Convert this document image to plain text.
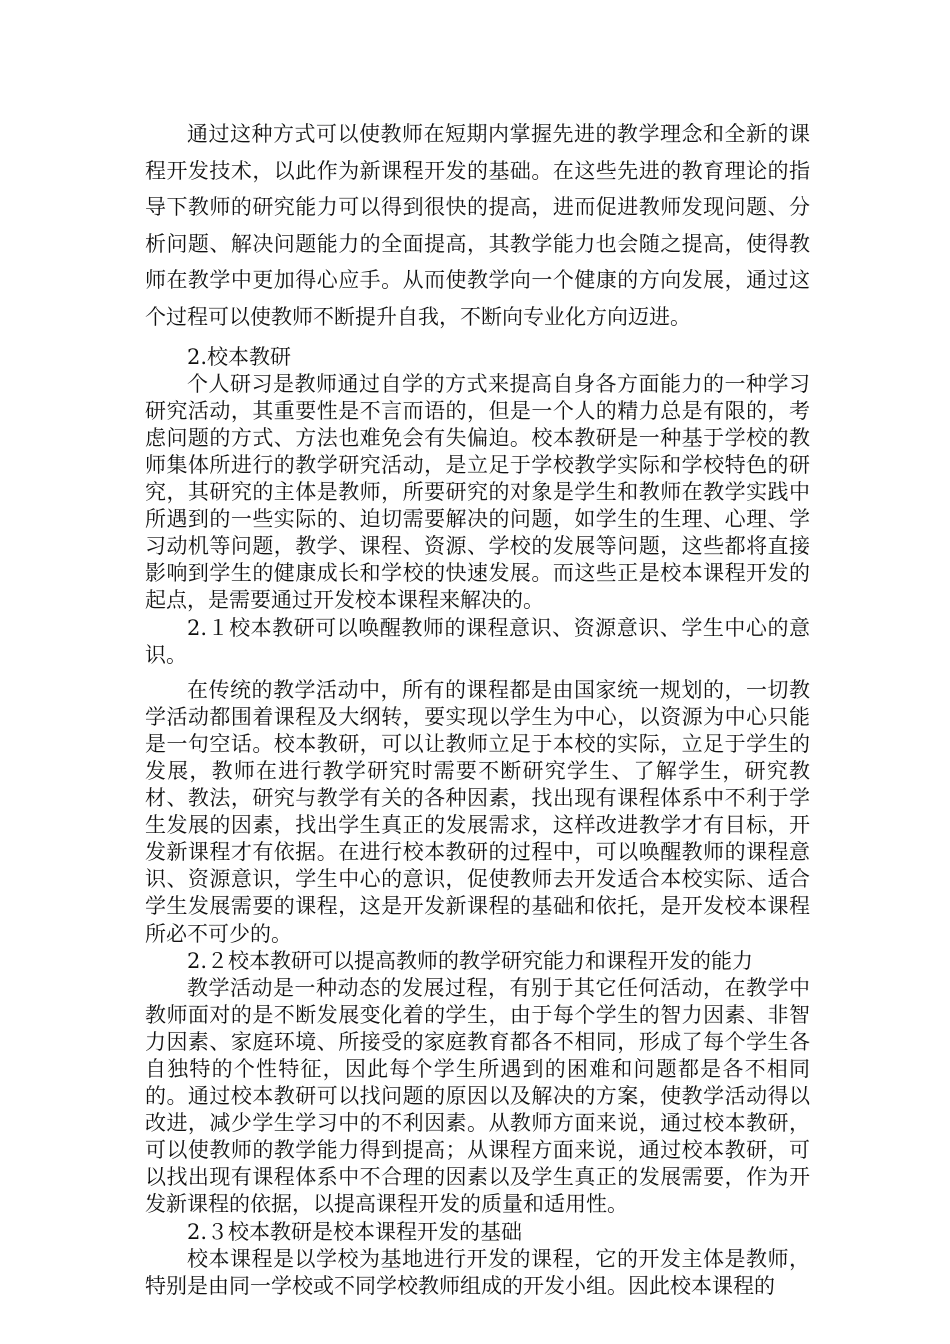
通过这种方式可以使教师在短期内掌握先进的教学理念和全新的课程开发技术，以此作为新课程开发的基础。在这些先进的教育理论的指导下教师的研究能力可以得到很快的提高，进而促进教师发现问题、分析问题、解决问题能力的全面提高，其教学能力也会随之提高，使得教师在教学中更加得心应手。从而使教学向一个健康的方向发展，通过这个过程可以使教师不断提升自我，不断向专业化方向迈进。

2.校本教研

个人研习是教师通过自学的方式来提高自身各方面能力的一种学习研究活动，其重要性是不言而语的，但是一个人的精力总是有限的，考虑问题的方式、方法也难免会有失偏迫。校本教研是一种基于学校的教师集体所进行的教学研究活动，是立足于学校教学实际和学校特色的研究，其研究的主体是教师，所要研究的对象是学生和教师在教学实践中所遇到的一些实际的、迫切需要解决的问题，如学生的生理、心理、学习动机等问题，教学、课程、资源、学校的发展等问题，这些都将直接影响到学生的健康成长和学校的快速发展。而这些正是校本课程开发的起点，是需要通过开发校本课程来解决的。

2.１校本教研可以唤醒教师的课程意识、资源意识、学生中心的意识。

在传统的教学活动中，所有的课程都是由国家统一规划的，一切教学活动都围着课程及大纲转，要实现以学生为中心，以资源为中心只能是一句空话。校本教研，可以让教师立足于本校的实际，立足于学生的发展，教师在进行教学研究时需要不断研究学生、了解学生，研究教材、教法，研究与教学有关的各种因素，找出现有课程体系中不利于学生发展的因素，找出学生真正的发展需求，这样改进教学才有目标，开发新课程才有依据。在进行校本教研的过程中，可以唤醒教师的课程意识、资源意识，学生中心的意识，促使教师去开发适合本校实际、适合学生发展需要的课程，这是开发新课程的基础和依托，是开发校本课程所必不可少的。

2.２校本教研可以提高教师的教学研究能力和课程开发的能力

教学活动是一种动态的发展过程，有别于其它任何活动，在教学中教师面对的是不断发展变化着的学生，由于每个学生的智力因素、非智力因素、家庭环境、所接受的家庭教育都各不相同，形成了每个学生各自独特的个性特征，因此每个学生所遇到的困难和问题都是各不相同的。通过校本教研可以找问题的原因以及解决的方案，使教学活动得以改进，减少学生学习中的不利因素。从教师方面来说，通过校本教研，可以使教师的教学能力得到提高；从课程方面来说，通过校本教研，可以找出现有课程体系中不合理的因素以及学生真正的发展需要，作为开发新课程的依据，以提高课程开发的质量和适用性。

2.３校本教研是校本课程开发的基础

校本课程是以学校为基地进行开发的课程，它的开发主体是教师，特别是由同一学校或不同学校教师组成的开发小组。因此校本课程的
